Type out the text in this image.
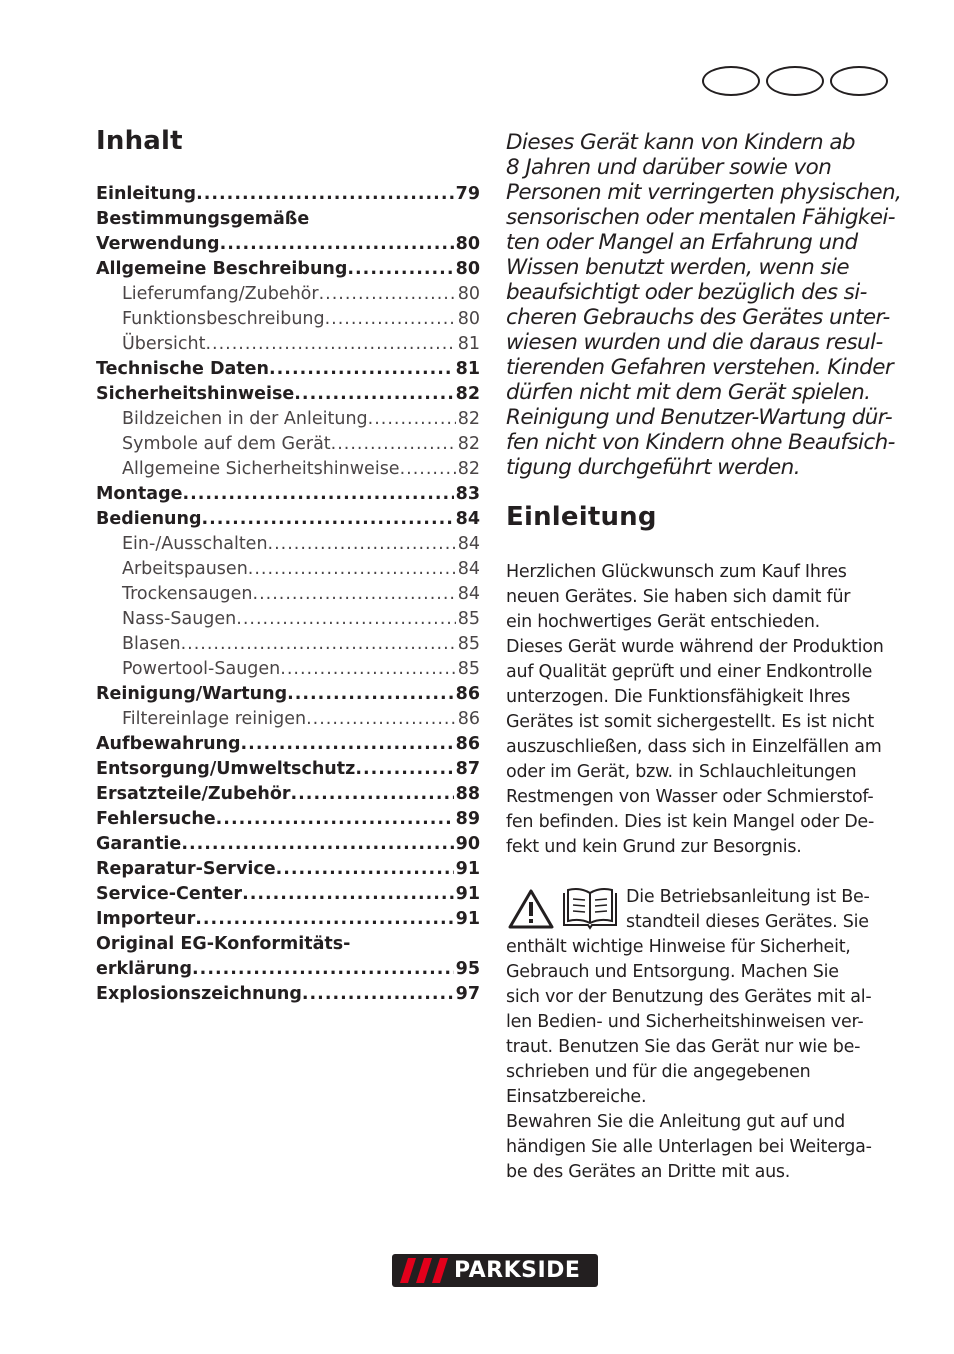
Inhalt
Einleitung .....	79
Bestimmungsgemäße
Verwendung .....	80
Allgemeine Beschreibung .....	80
Lieferumfang/Zubehör .....	80
Funktionsbeschreibung .....	80
Übersicht .....	81
Technische Daten .....	81
Sicherheitshinweise .....	82
Bildzeichen in der Anleitung .....	82
Symbole auf dem Gerät .....	82
Allgemeine Sicherheitshinweise .....	82
Montage .....	83
Bedienung .....	84
Ein-/Ausschalten .....	84
Arbeitspausen .....	84
Trockensaugen .....	84
Nass-Saugen .....	85
Blasen .....	85
Powertool-Saugen .....	85
Reinigung/Wartung .....	86
Filtereinlage reinigen .....	86
Aufbewahrung .....	86
Entsorgung/Umweltschutz .....	87
Ersatzteile/Zubehör .....	88
Fehlersuche .....	89
Garantie .....	90
Reparatur-Service .....	91
Service-Center .....	91
Importeur .....	91
Original EG-Konformitäts-
erklärung .....	95
Explosionszeichnung .....	97

Dieses Gerät kann von Kindern ab
8 Jahren und darüber sowie von
Personen mit verringerten physischen,
sensorischen oder mentalen Fähigkei-
ten oder Mangel an Erfahrung und
Wissen benutzt werden, wenn sie
beaufsichtigt oder bezüglich des si-
cheren Gebrauchs des Gerätes unter-
wiesen wurden und die daraus resul-
tierenden Gefahren verstehen. Kinder
dürfen nicht mit dem Gerät spielen.
Reinigung und Benutzer-Wartung dür-
fen nicht von Kindern ohne Beaufsich-
tigung durchgeführt werden.

Einleitung

Herzlichen Glückwunsch zum Kauf Ihres
neuen Gerätes. Sie haben sich damit für
ein hochwertiges Gerät entschieden.
Dieses Gerät wurde während der Produktion
auf Qualität geprüft und einer Endkontrolle
unterzogen. Die Funktionsfähigkeit Ihres
Gerätes ist somit sichergestellt. Es ist nicht
auszuschließen, dass sich in Einzelfällen am
oder im Gerät, bzw. in Schlauchleitungen
Restmengen von Wasser oder Schmierstof-
fen befinden. Dies ist kein Mangel oder De-
fekt und kein Grund zur Besorgnis.

Die Betriebsanleitung ist Be-
standteil dieses Gerätes. Sie
enthält wichtige Hinweise für Sicherheit,
Gebrauch und Entsorgung. Machen Sie
sich vor der Benutzung des Gerätes mit al-
len Bedien- und Sicherheitshinweisen ver-
traut. Benutzen Sie das Gerät nur wie be-
schrieben und für die angegebenen
Einsatzbereiche.
Bewahren Sie die Anleitung gut auf und
händigen Sie alle Unterlagen bei Weiterga-
be des Gerätes an Dritte mit aus.

PARKSIDE
